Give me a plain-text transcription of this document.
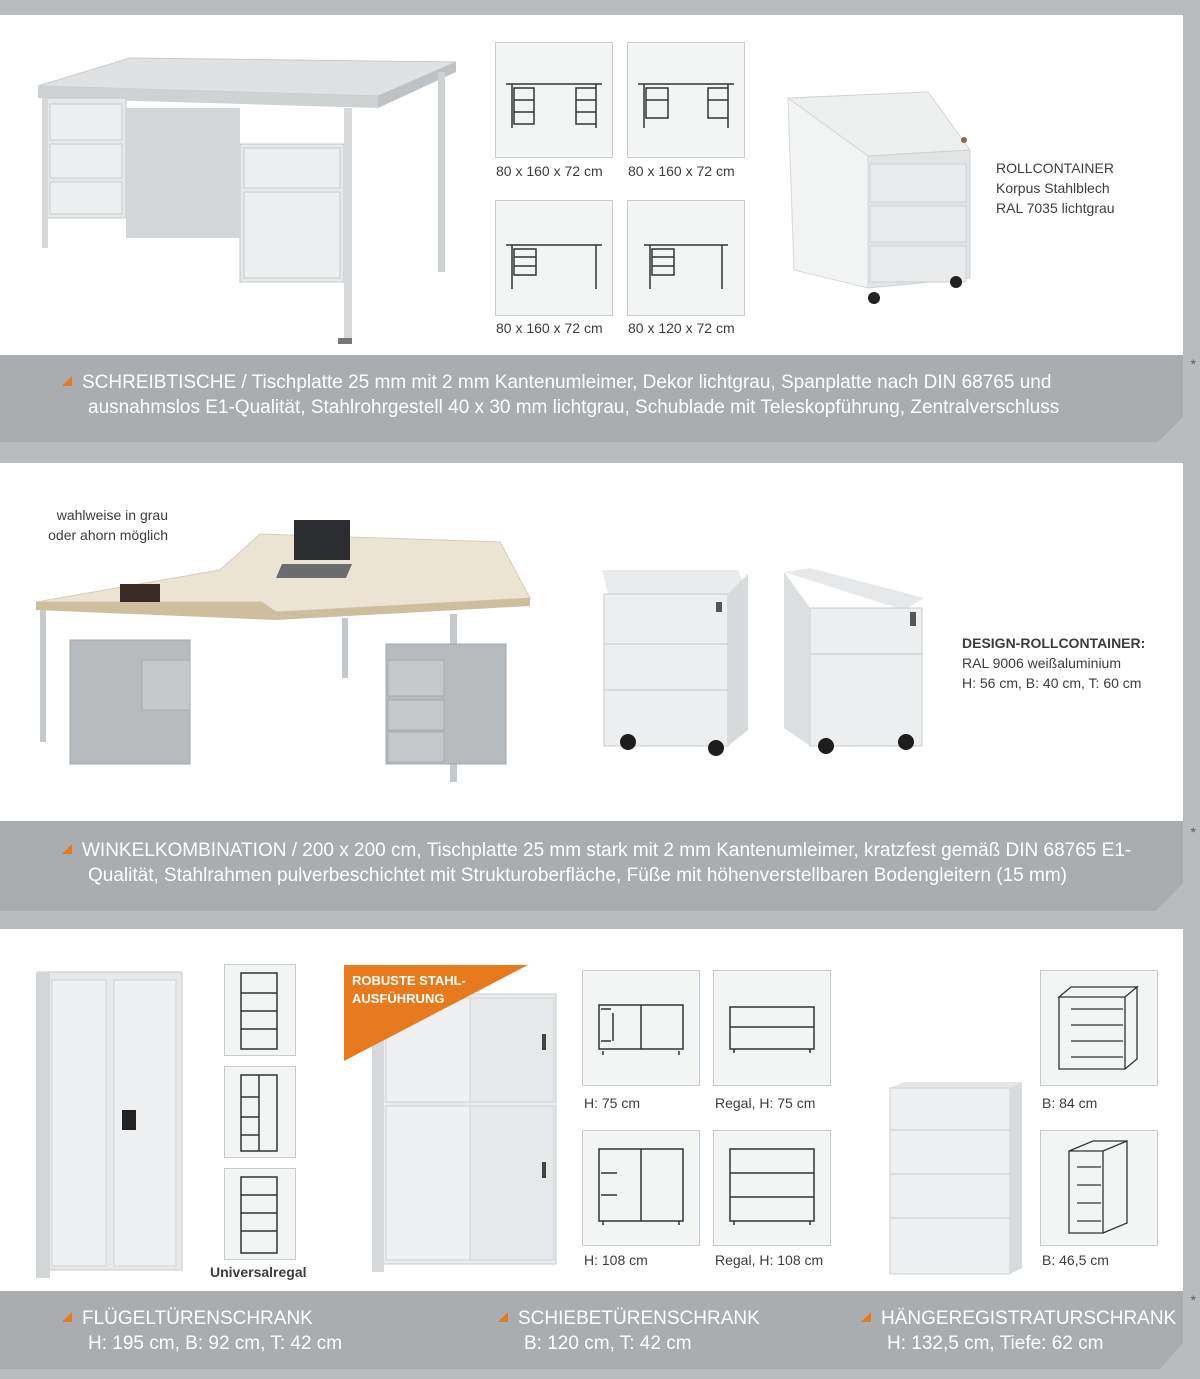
80 x 160 x 72 cm 80 x 160 x 72 cm
80 x 160 x 72 cm 80 x 120 x 72 cm
ROLLCONTAINER
Korpus Stahlblech
RAL 7035 lichtgrau
*
SCHREIBTISCHE / Tischplatte 25 mm mit 2 mm Kantenumleimer, Dekor lichtgrau, Spanplatte nach DIN 68765 und
ausnahmslos E1-Qualität, Stahlrohrgestell 40 x 30 mm lichtgrau, Schublade mit Teleskopführung, Zentralverschluss
wahlweise in grau
oder ahorn möglich
DESIGN-ROLLCONTAINER:
RAL 9006 weißaluminium
H: 56 cm, B: 40 cm, T: 60 cm
*
WINKELKOMBINATION / 200 x 200 cm, Tischplatte 25 mm stark mit 2 mm Kantenumleimer, kratzfest gemäß DIN 68765 E1-
Qualität, Stahlrahmen pulverbeschichtet mit Strukturoberfläche, Füße mit höhenverstellbaren Bodengleitern (15 mm)
Universalregal
ROBUSTE STAHL-
AUSFÜHRUNG
H: 75 cm	Regal, H: 75 cm
H: 108 cm	Regal, H: 108 cm
B: 84 cm
B: 46,5 cm
*
FLÜGELTÜRENSCHRANK
H: 195 cm, B: 92 cm, T: 42 cm
SCHIEBETÜRENSCHRANK
B: 120 cm, T: 42 cm
HÄNGEREGISTRATURSCHRANK
H: 132,5 cm, Tiefe: 62 cm
